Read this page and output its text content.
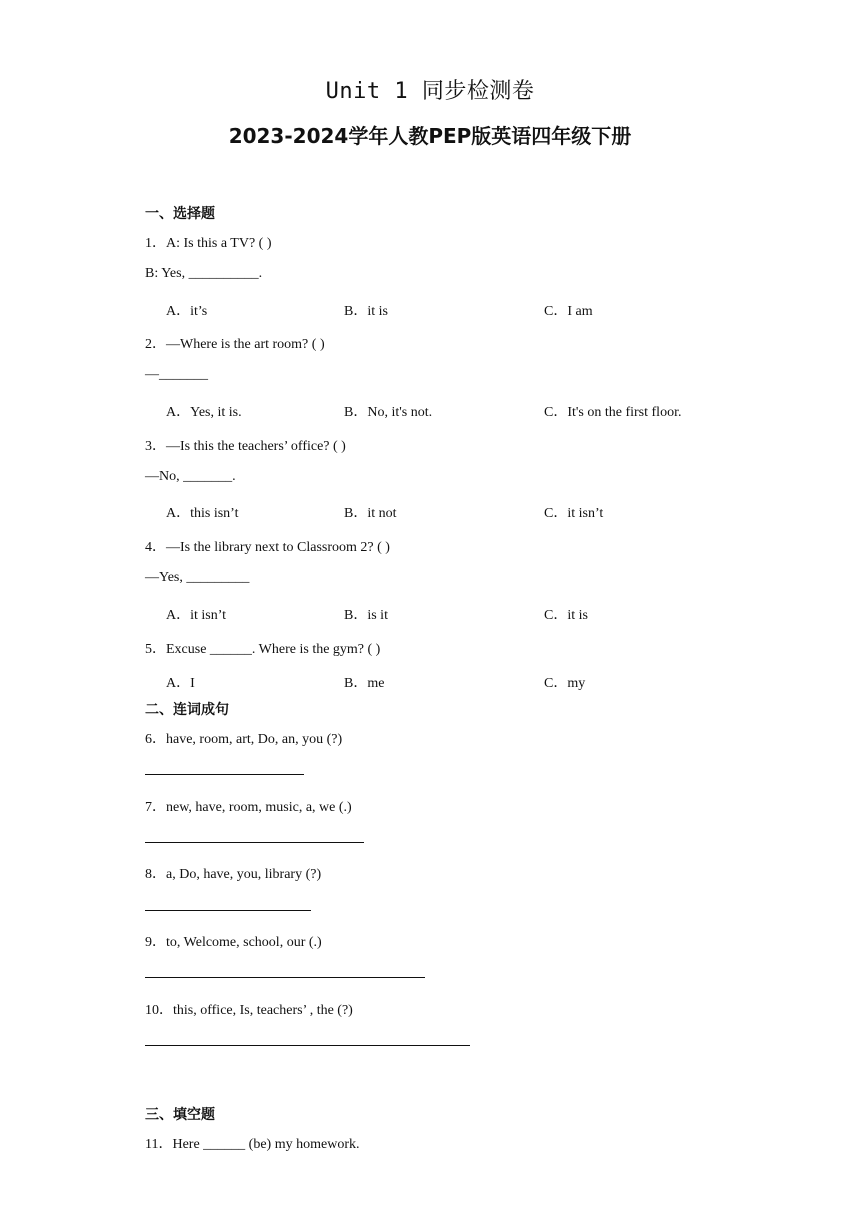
Unit 1 同步检测卷
2023-2024学年人教PEP版英语四年级下册
一、选择题
1．A: Is this a TV? ( )
B: Yes, __________.
A．it’s	B．it is	C．I am
2．—Where is the art room? ( )
—_______
A．Yes, it is.	B．No, it's not.	C．It's on the first floor.
3．—Is this the teachers’ office? ( )
—No, _______.
A．this isn’t	B．it not	C．it isn’t
4．—Is the library next to Classroom 2? ( )
—Yes, _________
A．it isn’t	B．is it	C．it is
5．Excuse ______. Where is the gym? ( )
A．I	B．me	C．my
二、连词成句
6．have, room, art, Do, an, you (?)
7．new, have, room, music, a, we (.)
8．a, Do, have, you, library (?)
9．to, Welcome, school, our (.)
10．this, office, Is, teachers’ , the (?)
三、填空题
11．Here ______ (be) my homework.
